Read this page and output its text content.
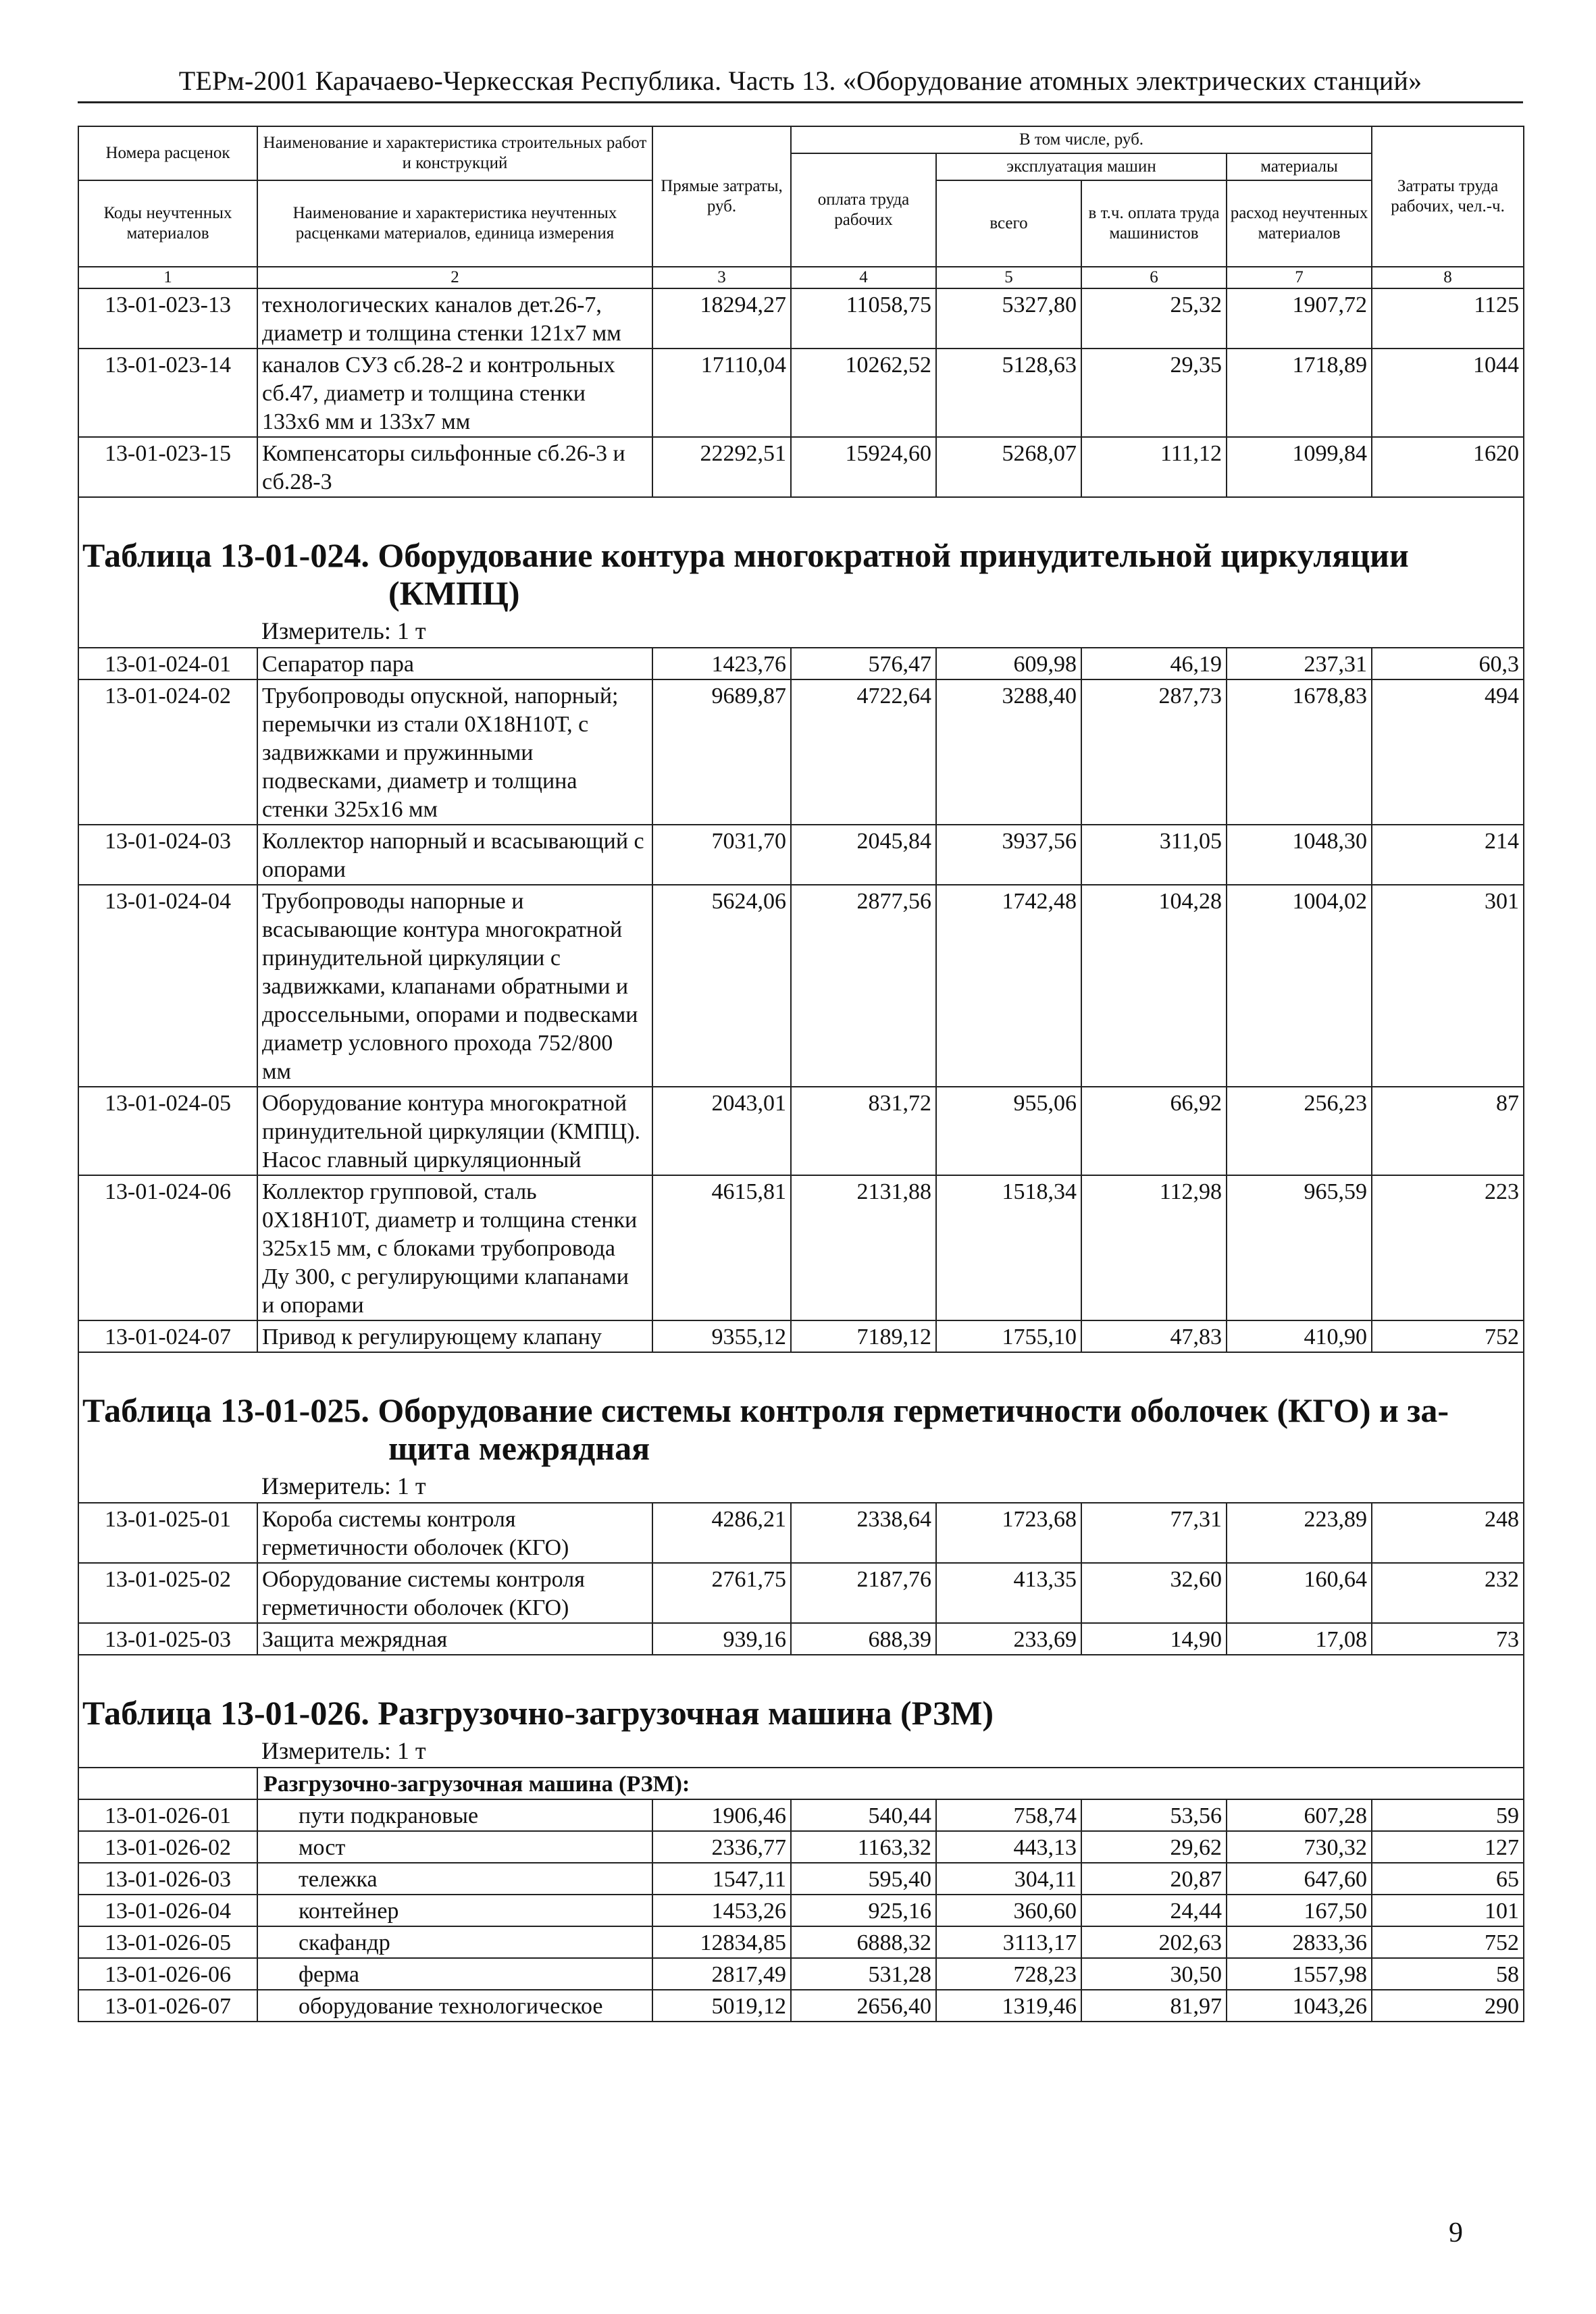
ТЕРм-2001 Карачаево-Черкесская Республика. Часть 13. «Оборудование атомных электрических станций»
Номера расценок	Наименование и характеристика строительных работ и конструкций	Прямые затраты, руб.	В том числе, руб.				Затраты труда рабочих, чел.-ч.
			оплата труда рабочих	эксплуатация машин		материалы	
Коды неучтенных материалов	Наименование и характеристика неучтенных расценками материалов, единица измерения			всего	в т.ч. оплата труда машинистов	расход неучтенных материалов	
1	2	3	4	5	6	7	8
13-01-023-13	технологических каналов дет.26-7, диаметр и толщина стенки 121х7 мм	18294,27	11058,75	5327,80	25,32	1907,72	1125
13-01-023-14	каналов СУЗ сб.28-2 и контрольных сб.47, диаметр и толщина стенки 133х6 мм и 133х7 мм	17110,04	10262,52	5128,63	29,35	1718,89	1044
13-01-023-15	Компенсаторы сильфонные сб.26-3 и сб.28-3	22292,51	15924,60	5268,07	111,12	1099,84	1620

Таблица 13-01-024. Оборудование контура многократной принудительной циркуляции
(КМПЦ)
Измеритель: 1 т							

13-01-024-01	Сепаратор пара	1423,76	576,47	609,98	46,19	237,31	60,3
13-01-024-02	Трубопроводы опускной, напорный; перемычки из стали 0Х18Н10Т, с задвижками и пружинными подвесками, диаметр и толщина стенки 325х16 мм	9689,87	4722,64	3288,40	287,73	1678,83	494
13-01-024-03	Коллектор напорный и всасывающий с опорами	7031,70	2045,84	3937,56	311,05	1048,30	214
13-01-024-04	Трубопроводы напорные и всасывающие контура многократной принудительной циркуляции с задвижками, клапанами обратными и дроссельными, опорами и подвесками диаметр условного прохода 752/800 мм	5624,06	2877,56	1742,48	104,28	1004,02	301
13-01-024-05	Оборудование контура многократной принудительной циркуляции (КМПЦ). Насос главный циркуляционный	2043,01	831,72	955,06	66,92	256,23	87
13-01-024-06	Коллектор групповой, сталь 0Х18Н10Т, диаметр и толщина стенки 325х15 мм, с блоками трубопровода Ду 300, с регулирующими клапанами и опорами	4615,81	2131,88	1518,34	112,98	965,59	223
13-01-024-07	Привод к регулирующему клапану	9355,12	7189,12	1755,10	47,83	410,90	752

Таблица 13-01-025. Оборудование системы контроля герметичности оболочек (КГО) и за-
щита межрядная
Измеритель: 1 т							

13-01-025-01	Короба системы контроля герметичности оболочек (КГО)	4286,21	2338,64	1723,68	77,31	223,89	248
13-01-025-02	Оборудование системы контроля герметичности оболочек (КГО)	2761,75	2187,76	413,35	32,60	160,64	232
13-01-025-03	Защита межрядная	939,16	688,39	233,69	14,90	17,08	73

Таблица 13-01-026. Разгрузочно-загрузочная машина (РЗМ)
Измеритель: 1 т							

	Разгрузочно-загрузочная машина (РЗМ):						
13-01-026-01	пути подкрановые	1906,46	540,44	758,74	53,56	607,28	59
13-01-026-02	мост	2336,77	1163,32	443,13	29,62	730,32	127
13-01-026-03	тележка	1547,11	595,40	304,11	20,87	647,60	65
13-01-026-04	контейнер	1453,26	925,16	360,60	24,44	167,50	101
13-01-026-05	скафандр	12834,85	6888,32	3113,17	202,63	2833,36	752
13-01-026-06	ферма	2817,49	531,28	728,23	30,50	1557,98	58
13-01-026-07	оборудование технологическое	5019,12	2656,40	1319,46	81,97	1043,26	290
9
